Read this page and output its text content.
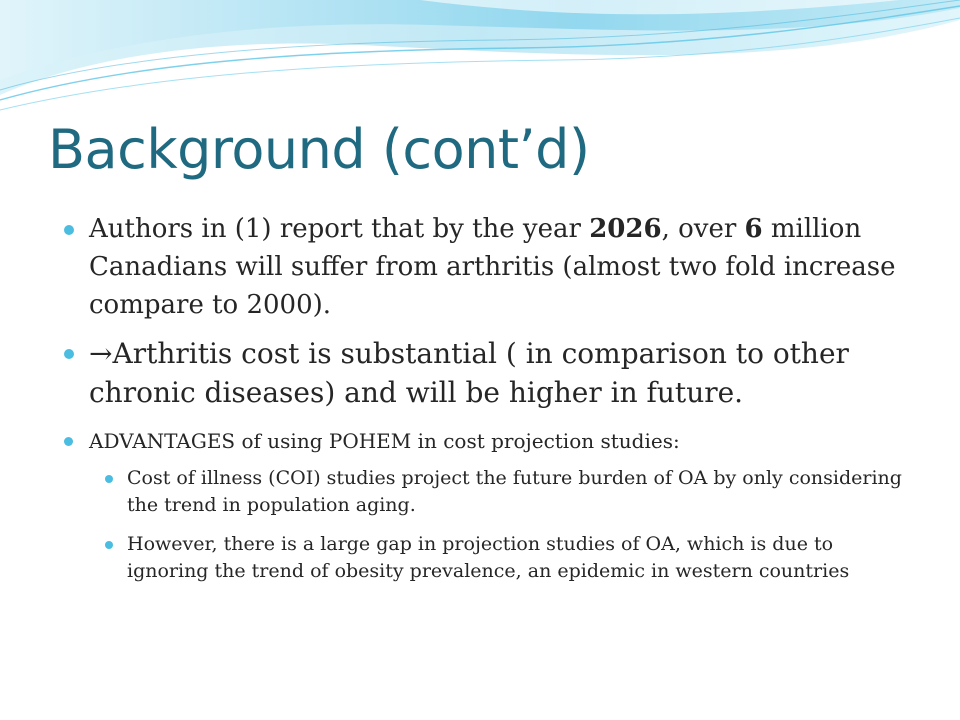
Background (cont’d)
Authors in (1) report that by the year 2026, over 6 million Canadians will suffer from arthritis (almost two fold increase compare to 2000).
→Arthritis cost is substantial ( in comparison to other chronic diseases) and will be higher in future.
ADVANTAGES of using POHEM in cost projection studies:
Cost of illness (COI) studies project the future burden of OA by only considering the trend in population aging.
However, there is a large gap in projection studies of OA, which is due to ignoring the trend of obesity prevalence, an epidemic in western countries
